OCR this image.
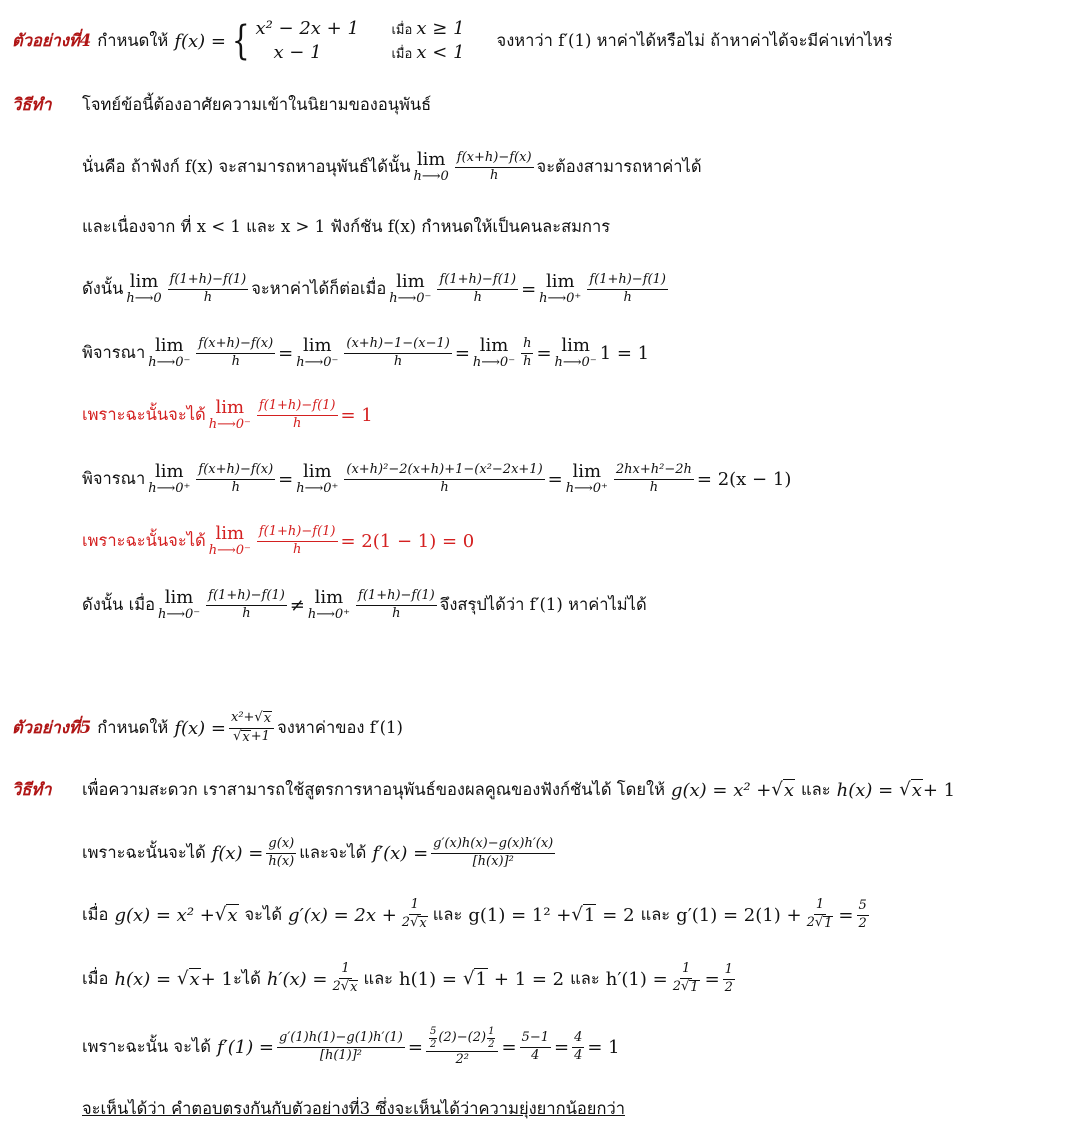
ตัวอย่างที่4 กำหนดให้ f(x) = { x² − 2x + 1	เมื่อ x ≥ 1
x − 1	เมื่อ x < 1
จงหาว่า f′(1) หาค่าได้หรือไม่ ถ้าหาค่าได้จะมีค่าเท่าไหร่
วิธีทำ	โจทย์ข้อนี้ต้องอาศัยความเข้าในนิยามของอนุพันธ์
นั่นคือ ถ้าฟังก์ f(x) จะสามารถหาอนุพันธ์ได้นั้น lim
h⟶0 $\frac{f(x+h)-f(x)}{h}$ จะต้องสามารถหาค่าได้
และเนื่องจาก ที่ x < 1 และ x > 1 ฟังก์ชัน f(x) กำหนดให้เป็นคนละสมการ
ดังนั้น lim
h⟶0 $\frac{f(1+h)-f(1)}{h}$ จะหาค่าได้ก็ต่อเมื่อ lim
h⟶0⁻ $\frac{f(1+h)-f(1)}{h} = \lim$
h⟶0⁺ $\frac{f(1+h)-f(1)}{h}$
พิจารณา lim
h⟶0⁻ $\frac{f(x+h)-f(x)}{h} = \lim$
h⟶0⁻ $\frac{(x+h)-1-(x-1)}{h} = \lim$
h⟶0⁻ $\frac{h}{h} = \lim$
h⟶0⁻ 1 = 1
เพราะฉะนั้นจะได้ lim
h⟶0⁻ $\frac{f(1+h)-f(1)}{h} = 1$
พิจารณา lim
h⟶0⁺ $\frac{f(x+h)-f(x)}{h} = \lim$
h⟶0⁺ $\frac{\text{(x+h)²−2(x+h)+1−(x²−2x+1)}}{h} = \lim$
h⟶0⁺ $\frac{\text{2hx+h²−2h}}{h} = 2(x - 1)$
เพราะฉะนั้นจะได้ lim
h⟶0⁻ $\frac{f(1+h)-f(1)}{h} = 2(1 - 1) = 0$
ดังนั้น เมื่อ lim
h⟶0⁻ $\frac{f(1+h)-f(1)}{h} \ne \lim$
h⟶0⁺ $\frac{f(1+h)-f(1)}{h}$ จึงสรุปได้ว่า f′(1) หาค่าไม่ได้
ตัวอย่างที่5 กำหนดให้ $f(x) = \frac{\text{x²+ √ x}}{√ x +1}$ จงหาค่าของ f′(1)
วิธีทำ	เพื่อความสะดวก เราสามารถใช้สูตรการหาอนุพันธ์ของผลคูณของฟังก์ชันได้ โดยให้ g(x) = x² + √ x และ h(x) = √ x + 1
เพราะฉะนั้นจะได้ $f(x) = \frac{g(x)}{h(x)}$ และจะได้ $f'(x) = \frac{g'(x)h(x)-g(x)h'(x)}{\text{[h(x)]²}}$
เมื่อ g(x) = x² + √ x จะได้ $g'(x) = 2x + \frac{1}{2 √ x}$ และ g(1) = 1² + √ 1 = 2 และ $g'(1) = 2(1) + \frac{1}{2 √ 1} = \frac{5}{2}$
เมื่อ h(x) = √ x + 1 ะได้ $h'(x) = \frac{1}{2 √ x}$ และ h(1) = √ 1 + 1 = 2 และ $h'(1) = \frac{1}{2 √ 1} = \frac{1}{2}$
เพราะฉะนั้น จะได้ $f'(1) = \frac{g'(1)h(1)-g(1)h'(1)}{\text{[h(1)]²}} = \frac{\frac{5}{2} (2)-(2) \frac{1}{2}}{\text{2²}} = \frac{5-1}{4} = \frac{4}{4} = 1$
จะเห็นได้ว่า คำตอบตรงกันกับตัวอย่างที่3 ซึ่งจะเห็นได้ว่าความยุ่งยากน้อยกว่า
